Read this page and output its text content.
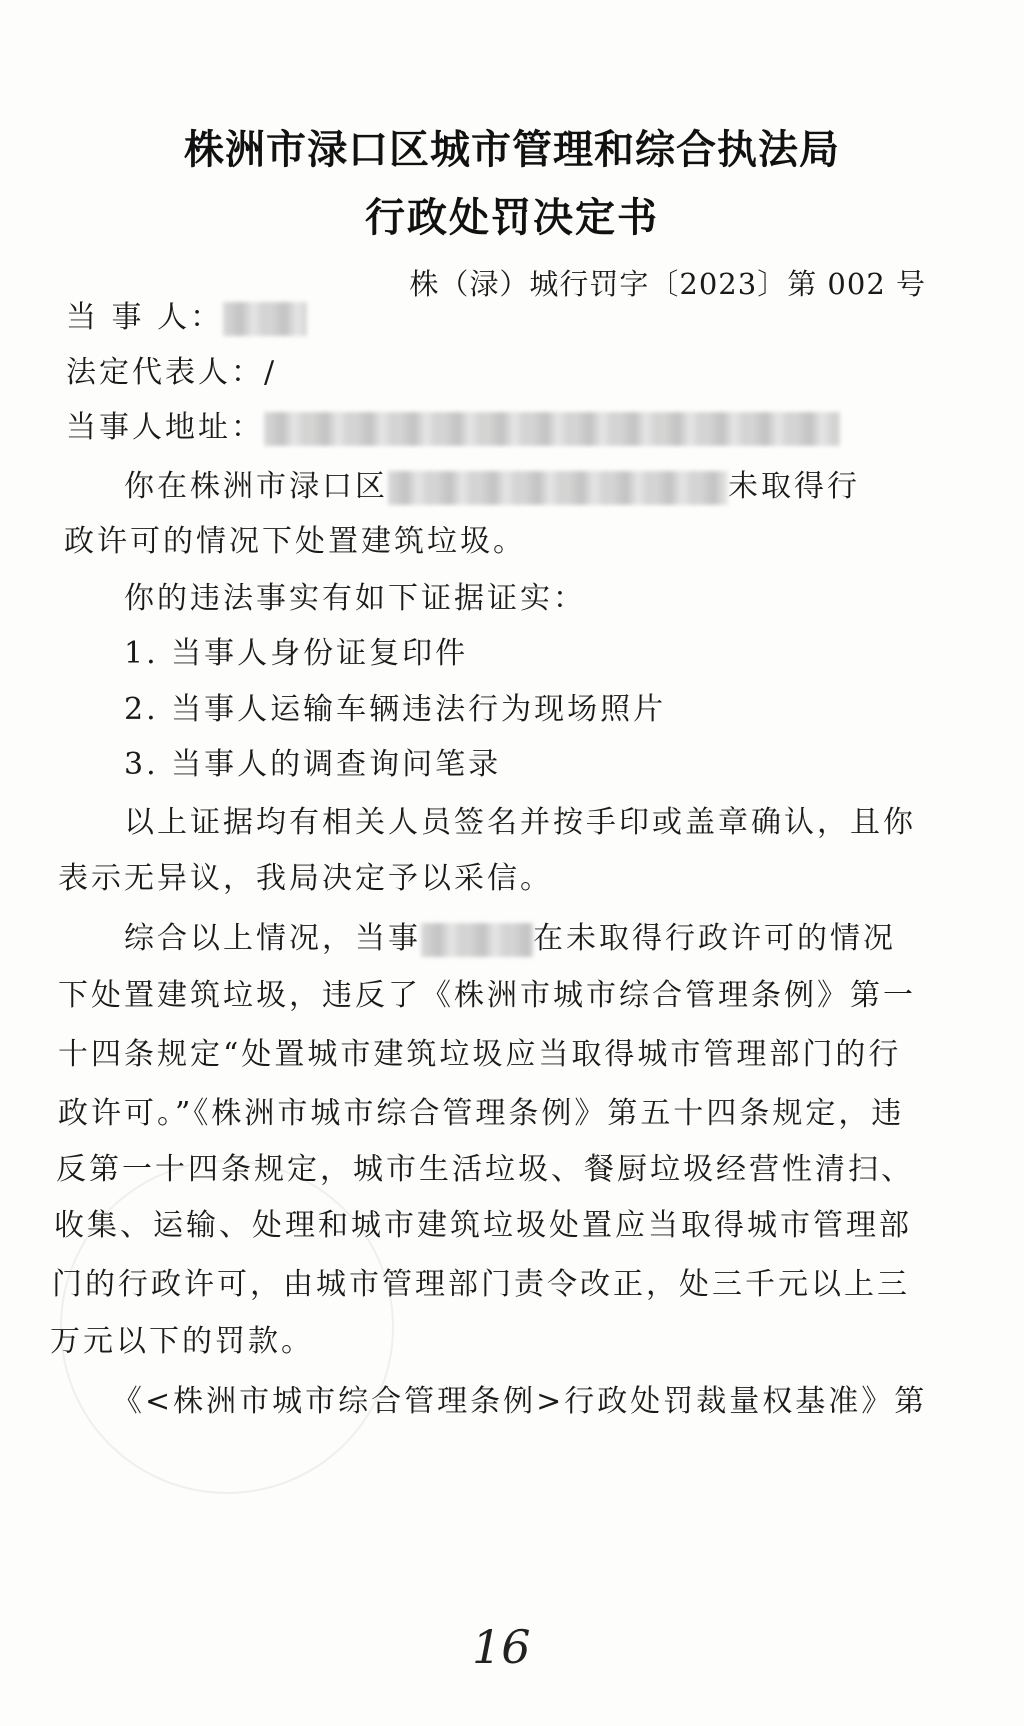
株洲市渌口区城市管理和综合执法局
行政处罚决定书
株（渌）城行罚字〔2023〕第 002 号
当 事 人：
法定代表人：/
当事人地址：
你在株洲市渌口区	未取得行
政许可的情况下处置建筑垃圾。
你的违法事实有如下证据证实：
1. 当事人身份证复印件
2. 当事人运输车辆违法行为现场照片
3. 当事人的调查询问笔录
以上证据均有相关人员签名并按手印或盖章确认，且你
表示无异议，我局决定予以采信。
综合以上情况，当事	在未取得行政许可的情况
下处置建筑垃圾，违反了《株洲市城市综合管理条例》第一
十四条规定“处置城市建筑垃圾应当取得城市管理部门的行
政许可。”《株洲市城市综合管理条例》第五十四条规定，违
反第一十四条规定，城市生活垃圾、餐厨垃圾经营性清扫、
收集、运输、处理和城市建筑垃圾处置应当取得城市管理部
门的行政许可，由城市管理部门责令改正，处三千元以上三
万元以下的罚款。
《<株洲市城市综合管理条例>行政处罚裁量权基准》第
16
